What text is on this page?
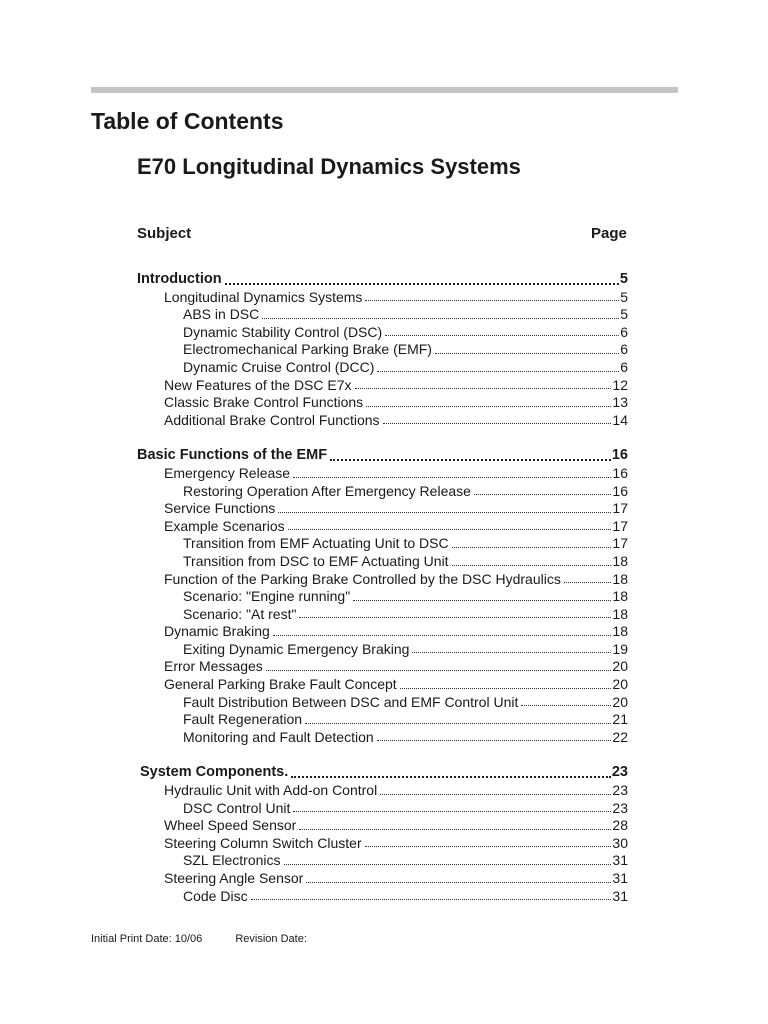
Table of Contents
E70 Longitudinal Dynamics Systems
Subject	Page
Introduction	5
Longitudinal Dynamics Systems	5
ABS in DSC	5
Dynamic Stability Control (DSC)	6
Electromechanical Parking Brake (EMF)	6
Dynamic Cruise Control (DCC)	6
New Features of the DSC E7x	12
Classic Brake Control Functions	13
Additional Brake Control Functions	14
Basic Functions of the EMF	16
Emergency Release	16
Restoring Operation After Emergency Release	16
Service Functions	17
Example Scenarios	17
Transition from EMF Actuating Unit to DSC	17
Transition from DSC to EMF Actuating Unit	18
Function of the Parking Brake Controlled by the DSC Hydraulics	18
Scenario: "Engine running"	18
Scenario: "At rest"	18
Dynamic Braking	18
Exiting Dynamic Emergency Braking	19
Error Messages	20
General Parking Brake Fault Concept	20
Fault Distribution Between DSC and EMF Control Unit	20
Fault Regeneration	21
Monitoring and Fault Detection	22
System Components.	23
Hydraulic Unit with Add-on Control	23
DSC Control Unit	23
Wheel Speed Sensor	28
Steering Column Switch Cluster	30
SZL Electronics	31
Steering Angle Sensor	31
Code Disc	31
Initial Print Date: 10/06	Revision Date:
